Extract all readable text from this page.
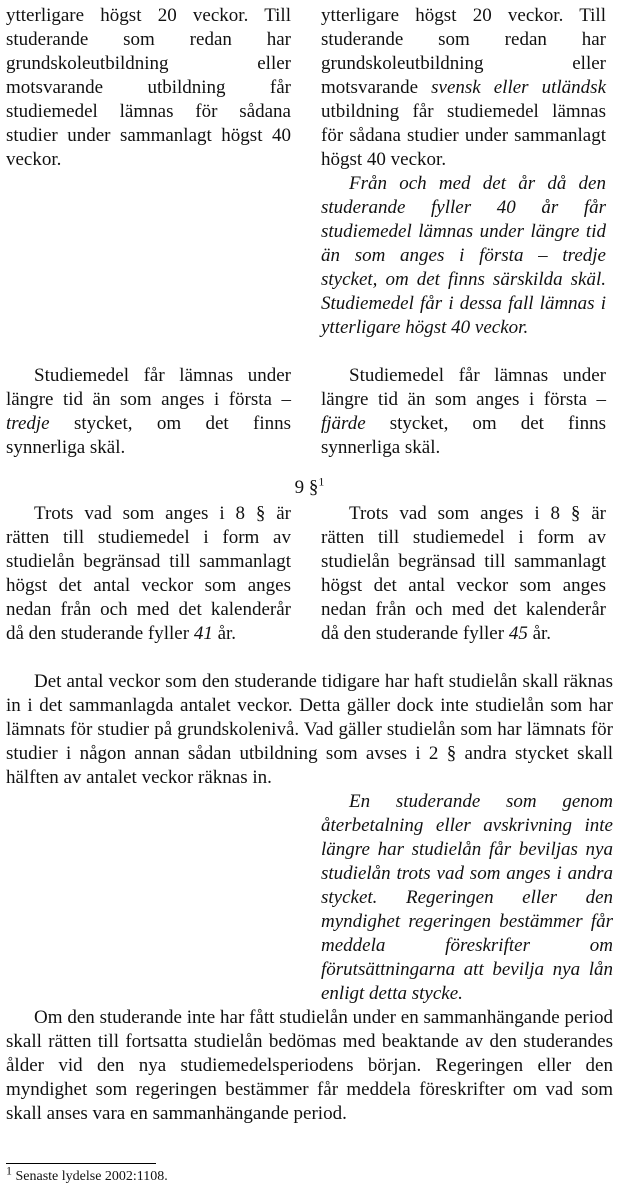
ytterligare högst 20 veckor. Till studerande som redan har grundskoleutbildning eller motsvarande utbildning får studiemedel lämnas för sådana studier under sammanlagt högst 40 veckor.

ytterligare högst 20 veckor. Till studerande som redan har grundskoleutbildning eller motsvarande svensk eller utländsk utbildning får studiemedel lämnas för sådana studier under sammanlagt högst 40 veckor.

Från och med det år då den studerande fyller 40 år får studiemedel lämnas under längre tid än som anges i första – tredje stycket, om det finns särskilda skäl. Studiemedel får i dessa fall lämnas i ytterligare högst 40 veckor.

Studiemedel får lämnas under längre tid än som anges i första – tredje stycket, om det finns synnerliga skäl.

Studiemedel får lämnas under längre tid än som anges i första – fjärde stycket, om det finns synnerliga skäl.

9 §$^1$

Trots vad som anges i 8 § är rätten till studiemedel i form av studielån begränsad till sammanlagt högst det antal veckor som anges nedan från och med det kalenderår då den studerande fyller 41 år.

Trots vad som anges i 8 § är rätten till studiemedel i form av studielån begränsad till sammanlagt högst det antal veckor som anges nedan från och med det kalenderår då den studerande fyller 45 år.

Det antal veckor som den studerande tidigare har haft studielån skall räknas in i det sammanlagda antalet veckor. Detta gäller dock inte studielån som har lämnats för studier på grundskolenivå. Vad gäller studielån som har lämnats för studier i någon annan sådan utbildning som avses i 2 § andra stycket skall hälften av antalet veckor räknas in.

En studerande som genom återbetalning eller avskrivning inte längre har studielån får beviljas nya studielån trots vad som anges i andra stycket. Regeringen eller den myndighet regeringen bestämmer får meddela föreskrifter om förutsättningarna att bevilja nya lån enligt detta stycke.

Om den studerande inte har fått studielån under en sammanhängande period skall rätten till fortsatta studielån bedömas med beaktande av den studerandes ålder vid den nya studiemedelsperiodens början. Regeringen eller den myndighet som regeringen bestämmer får meddela föreskrifter om vad som skall anses vara en sammanhängande period.

$^1$ Senaste lydelse 2002:1108.
